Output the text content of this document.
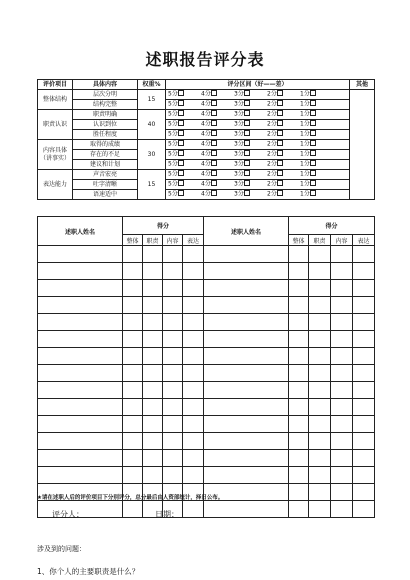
述职报告评分表
评价项目	具体内容	权重%	评分区间（好——差）	其他
整体结构	层次分明	15	5分 4分 3分 2分 1分	
	结构完整		5分 4分 3分 2分 1分	
职责认识	职责明确	40	5分 4分 3分 2分 1分	
	认识到位		5分 4分 3分 2分 1分	
	胜任程度		5分 4分 3分 2分 1分	
内容具体（讲事实）	取得的成绩	30	5分 4分 3分 2分 1分	
	存在的不足		5分 4分 3分 2分 1分	
	建议和计划		5分 4分 3分 2分 1分	
表达能力	声音宏亮	15	5分 4分 3分 2分 1分	
	吐字清晰		5分 4分 3分 2分 1分	
	语速适中		5分 4分 3分 2分 1分	
述职人姓名	得分				述职人姓名	得分			
	整体	职责	内容	表达		整体	职责	内容	表达

★请在述职人后的评价项目下分别评分，总分最后由人资部统计，择日公布。
评分人：	日期：
涉及到的问题：
1、你个人的主要职责是什么？
